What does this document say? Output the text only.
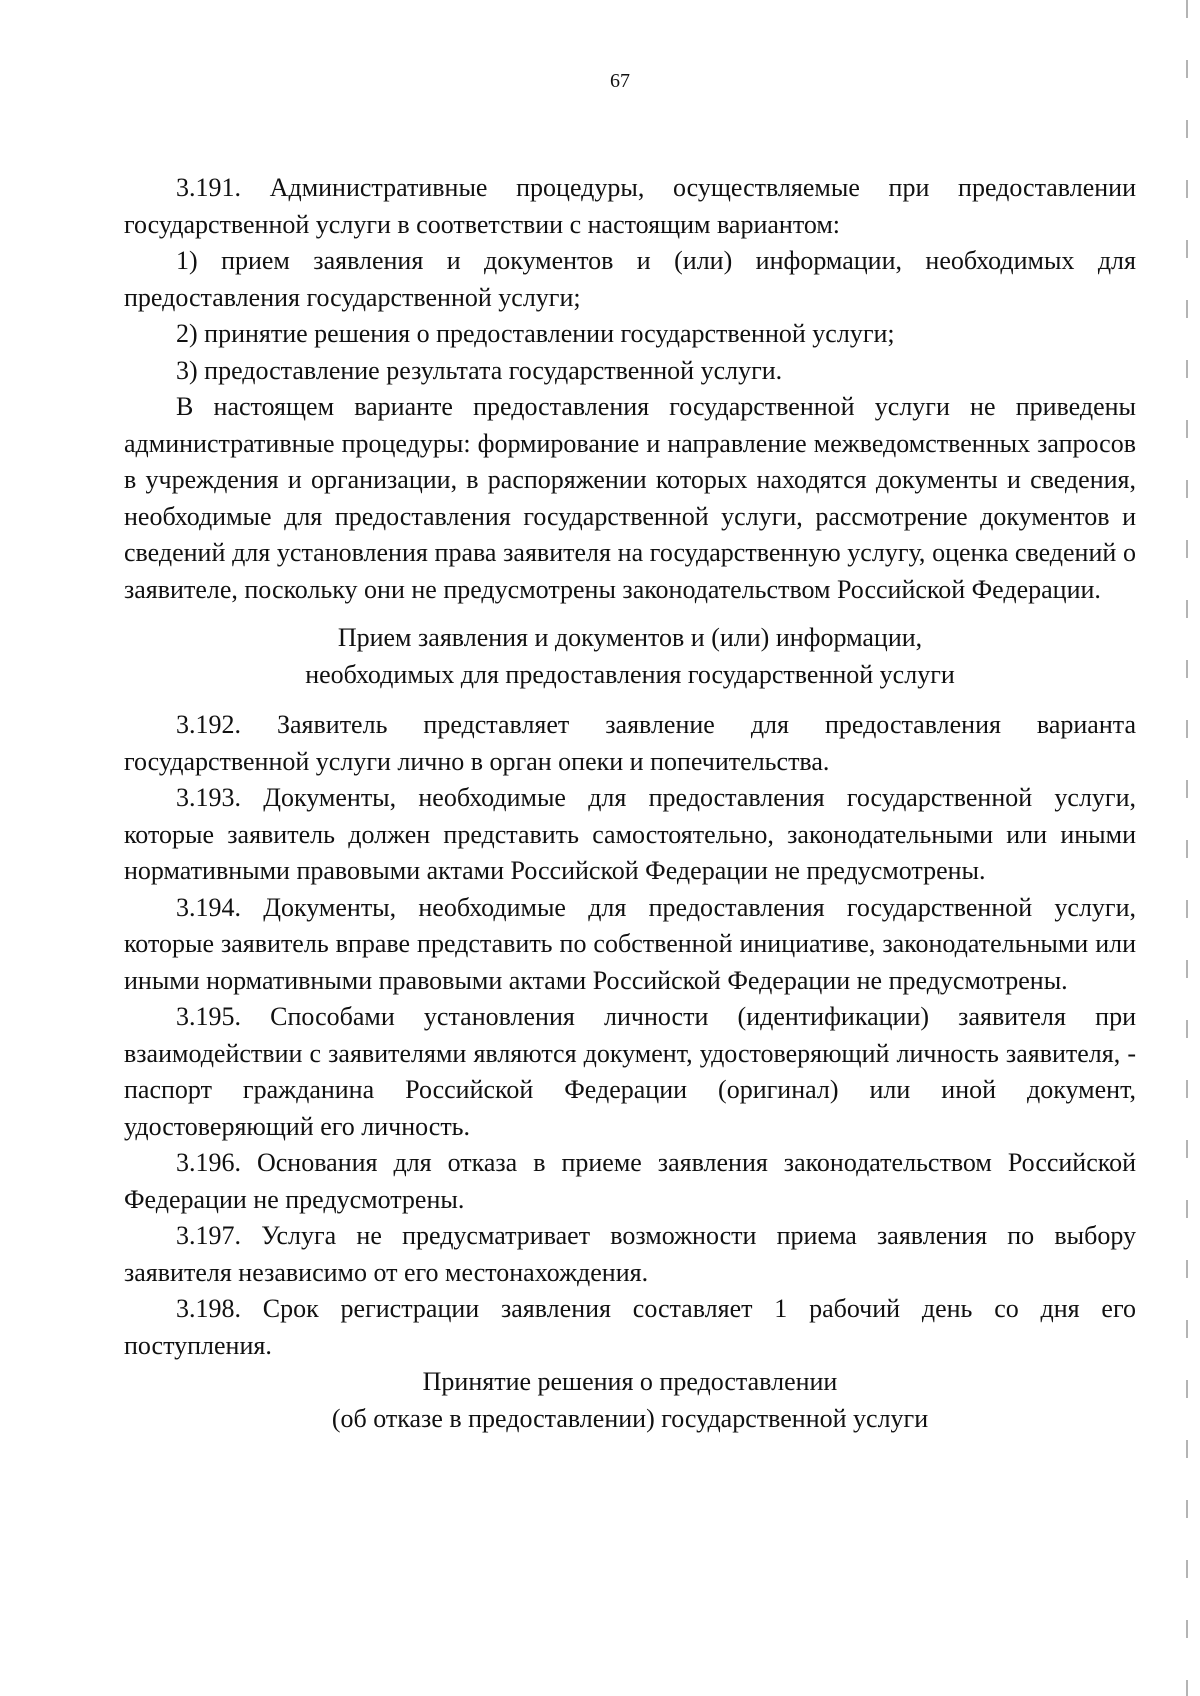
67

3.191. Административные процедуры, осуществляемые при предоставлении государственной услуги в соответствии с настоящим вариантом:

1) прием заявления и документов и (или) информации, необходимых для предоставления государственной услуги;

2) принятие решения о предоставлении государственной услуги;

3) предоставление результата государственной услуги.

В настоящем варианте предоставления государственной услуги не приведены административные процедуры: формирование и направление межведомственных запросов в учреждения и организации, в распоряжении которых находятся документы и сведения, необходимые для предоставления государственной услуги, рассмотрение документов и сведений для установления права заявителя на государственную услугу, оценка сведений о заявителе, поскольку они не предусмотрены законодательством Российской Федерации.

Прием заявления и документов и (или) информации,
необходимых для предоставления государственной услуги

3.192. Заявитель представляет заявление для предоставления варианта государственной услуги лично в орган опеки и попечительства.

3.193. Документы, необходимые для предоставления государственной услуги, которые заявитель должен представить самостоятельно, законодательными или иными нормативными правовыми актами Российской Федерации не предусмотрены.

3.194. Документы, необходимые для предоставления государственной услуги, которые заявитель вправе представить по собственной инициативе, законодательными или иными нормативными правовыми актами Российской Федерации не предусмотрены.

3.195. Способами установления личности (идентификации) заявителя при взаимодействии с заявителями являются документ, удостоверяющий личность заявителя, - паспорт гражданина Российской Федерации (оригинал) или иной документ, удостоверяющий его личность.

3.196. Основания для отказа в приеме заявления законодательством Российской Федерации не предусмотрены.

3.197. Услуга не предусматривает возможности приема заявления по выбору заявителя независимо от его местонахождения.

3.198. Срок регистрации заявления составляет 1 рабочий день со дня его поступления.

Принятие решения о предоставлении
(об отказе в предоставлении) государственной услуги
